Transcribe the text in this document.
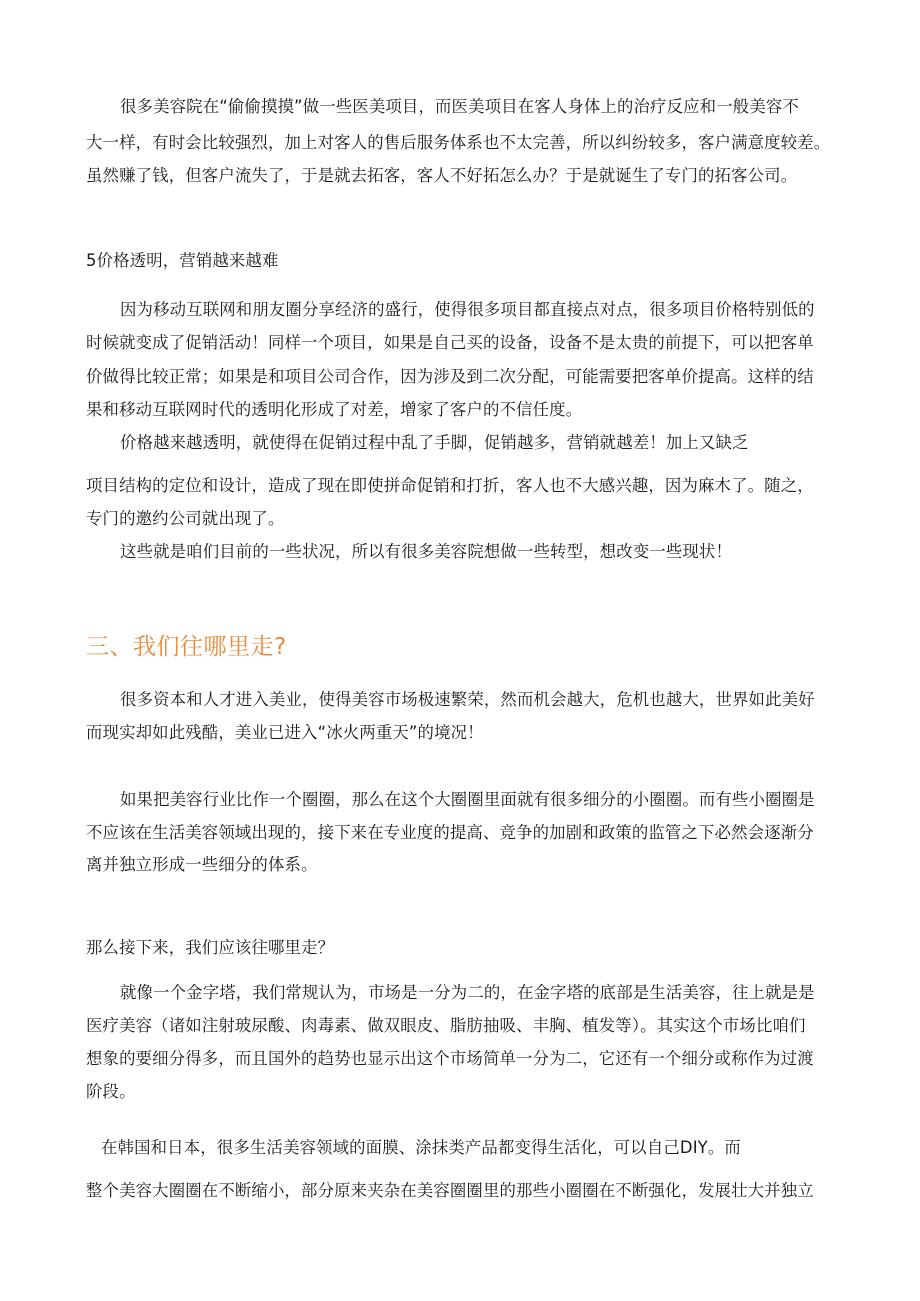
很多美容院在“偷偷摸摸”做一些医美项目，而医美项目在客人身体上的治疗反应和一般美容不
大一样，有时会比较强烈，加上对客人的售后服务体系也不太完善，所以纠纷较多，客户满意度较差。
虽然赚了钱，但客户流失了，于是就去拓客，客人不好拓怎么办？于是就诞生了专门的拓客公司。
5价格透明，营销越来越难
因为移动互联网和朋友圈分享经济的盛行，使得很多项目都直接点对点，很多项目价格特别低的
时候就变成了促销活动！同样一个项目，如果是自己买的设备，设备不是太贵的前提下，可以把客单
价做得比较正常；如果是和项目公司合作，因为涉及到二次分配，可能需要把客单价提高。这样的结
果和移动互联网时代的透明化形成了对差，增家了客户的不信任度。
价格越来越透明，就使得在促销过程中乱了手脚，促销越多，营销就越差！加上又缺乏
项目结构的定位和设计，造成了现在即使拼命促销和打折，客人也不大感兴趣，因为麻木了。随之，
专门的邀约公司就出现了。
这些就是咱们目前的一些状况，所以有很多美容院想做一些转型，想改变一些现状！
三、我们往哪里走?
很多资本和人才进入美业，使得美容市场极速繁荣，然而机会越大，危机也越大，世界如此美好
而现实却如此残酷，美业已进入“冰火两重天”的境况！
如果把美容行业比作一个圈圈，那么在这个大圈圈里面就有很多细分的小圈圈。而有些小圈圈是
不应该在生活美容领域出现的，接下来在专业度的提高、竞争的加剧和政策的监管之下必然会逐渐分
离并独立形成一些细分的体系。
那么接下来，我们应该往哪里走？
就像一个金字塔，我们常规认为，市场是一分为二的，在金字塔的底部是生活美容，往上就是是
医疗美容（诸如注射玻尿酸、肉毒素、做双眼皮、脂肪抽吸、丰胸、植发等）。其实这个市场比咱们
想象的要细分得多，而且国外的趋势也显示出这个市场简单一分为二，它还有一个细分或称作为过渡
阶段。
在韩国和日本，很多生活美容领域的面膜、涂抹类产品都变得生活化，可以自己DIY。而
整个美容大圈圈在不断缩小，部分原来夹杂在美容圈圈里的那些小圈圈在不断强化，发展壮大并独立
